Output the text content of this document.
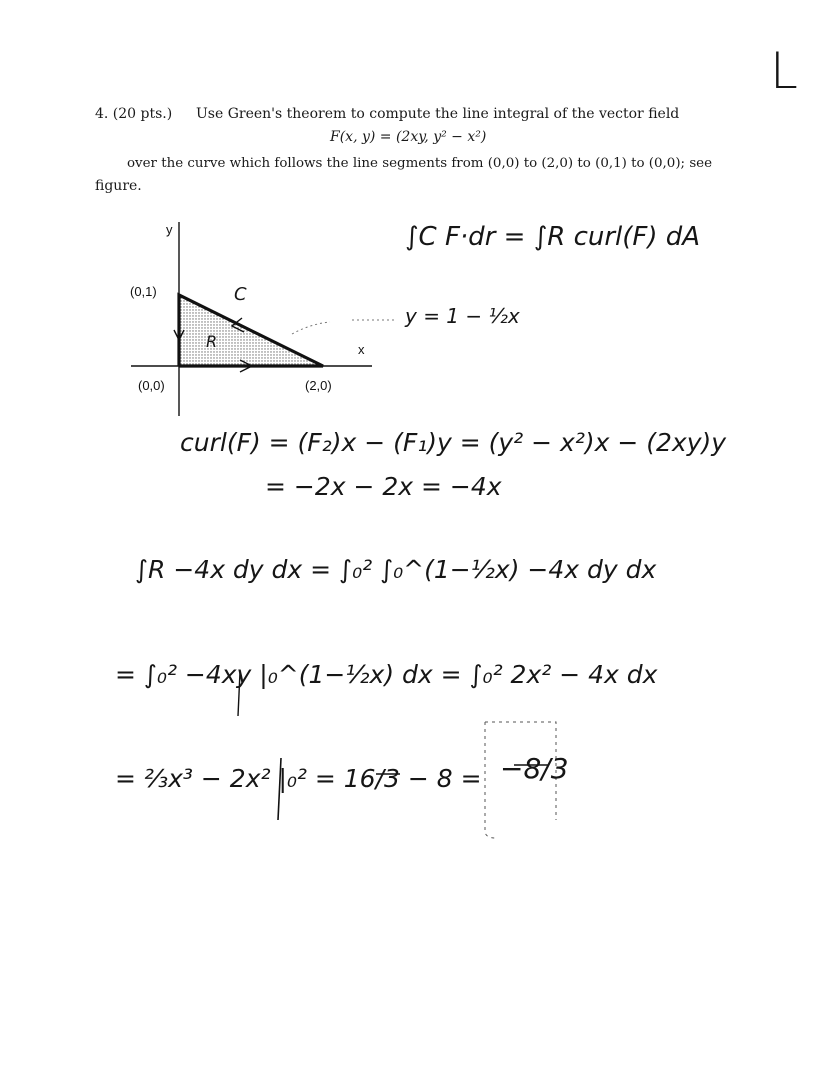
L
4. (20 pts.) Use Green's theorem to compute the line integral of the vector field
F(x, y) = (2xy, y² − x²)
over the curve which follows the line segments from (0,0) to (2,0) to (0,1) to (0,0); see
figure.
y
x
(0,1)
(0,0)	(2,0)
C
R
y = 1 − ½x
∫C F·dr = ∫R curl(F) dA
curl(F) = (F₂)x − (F₁)y = (y² − x²)x − (2xy)y
= −2x − 2x = −4x
∫R −4x dy dx = ∫₀² ∫₀^(1−½x) −4x dy dx
= ∫₀² −4xy |₀^(1−½x) dx = ∫₀² 2x² − 4x dx
= ⅔x³ − 2x² |₀² = 16/3 − 8 = −8/3
